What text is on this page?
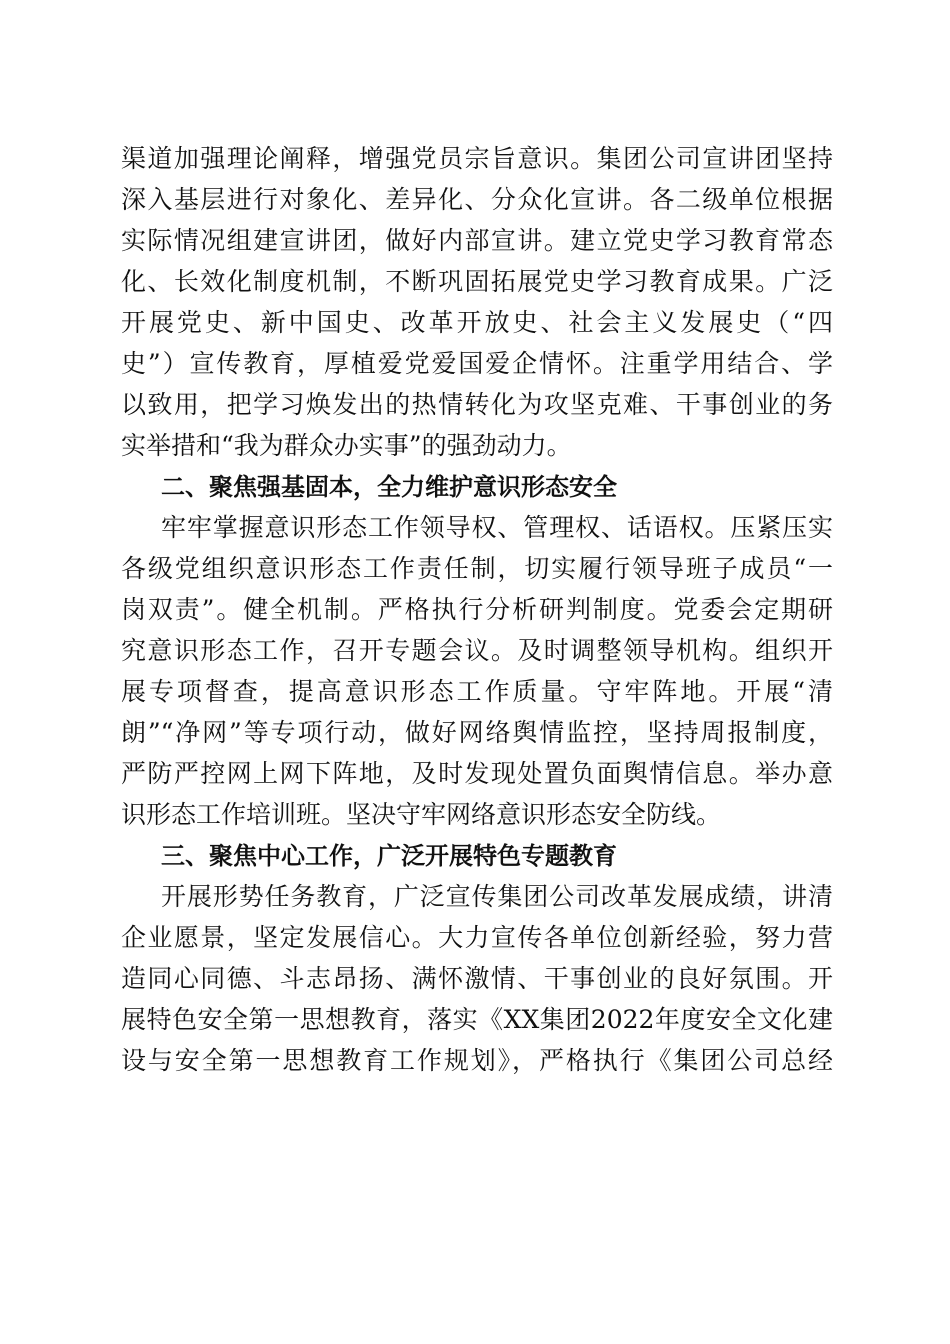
渠道加强理论阐释，增强党员宗旨意识。集团公司宣讲团坚持
深入基层进行对象化、差异化、分众化宣讲。各二级单位根据
实际情况组建宣讲团，做好内部宣讲。建立党史学习教育常态
化、长效化制度机制，不断巩固拓展党史学习教育成果。广泛
开展党史、新中国史、改革开放史、社会主义发展史（“四
史”）宣传教育，厚植爱党爱国爱企情怀。注重学用结合、学
以致用，把学习焕发出的热情转化为攻坚克难、干事创业的务
实举措和“我为群众办实事”的强劲动力。
二、聚焦强基固本，全力维护意识形态安全
牢牢掌握意识形态工作领导权、管理权、话语权。压紧压实
各级党组织意识形态工作责任制，切实履行领导班子成员“一
岗双责”。健全机制。严格执行分析研判制度。党委会定期研
究意识形态工作，召开专题会议。及时调整领导机构。组织开
展专项督查，提高意识形态工作质量。守牢阵地。开展“清
朗”“净网”等专项行动，做好网络舆情监控，坚持周报制度，
严防严控网上网下阵地，及时发现处置负面舆情信息。举办意
识形态工作培训班。坚决守牢网络意识形态安全防线。
三、聚焦中心工作，广泛开展特色专题教育
开展形势任务教育，广泛宣传集团公司改革发展成绩，讲清
企业愿景，坚定发展信心。大力宣传各单位创新经验，努力营
造同心同德、斗志昂扬、满怀激情、干事创业的良好氛围。开
展特色安全第一思想教育，落实《XX集团2022年度安全文化建
设与安全第一思想教育工作规划》，严格执行《集团公司总经
